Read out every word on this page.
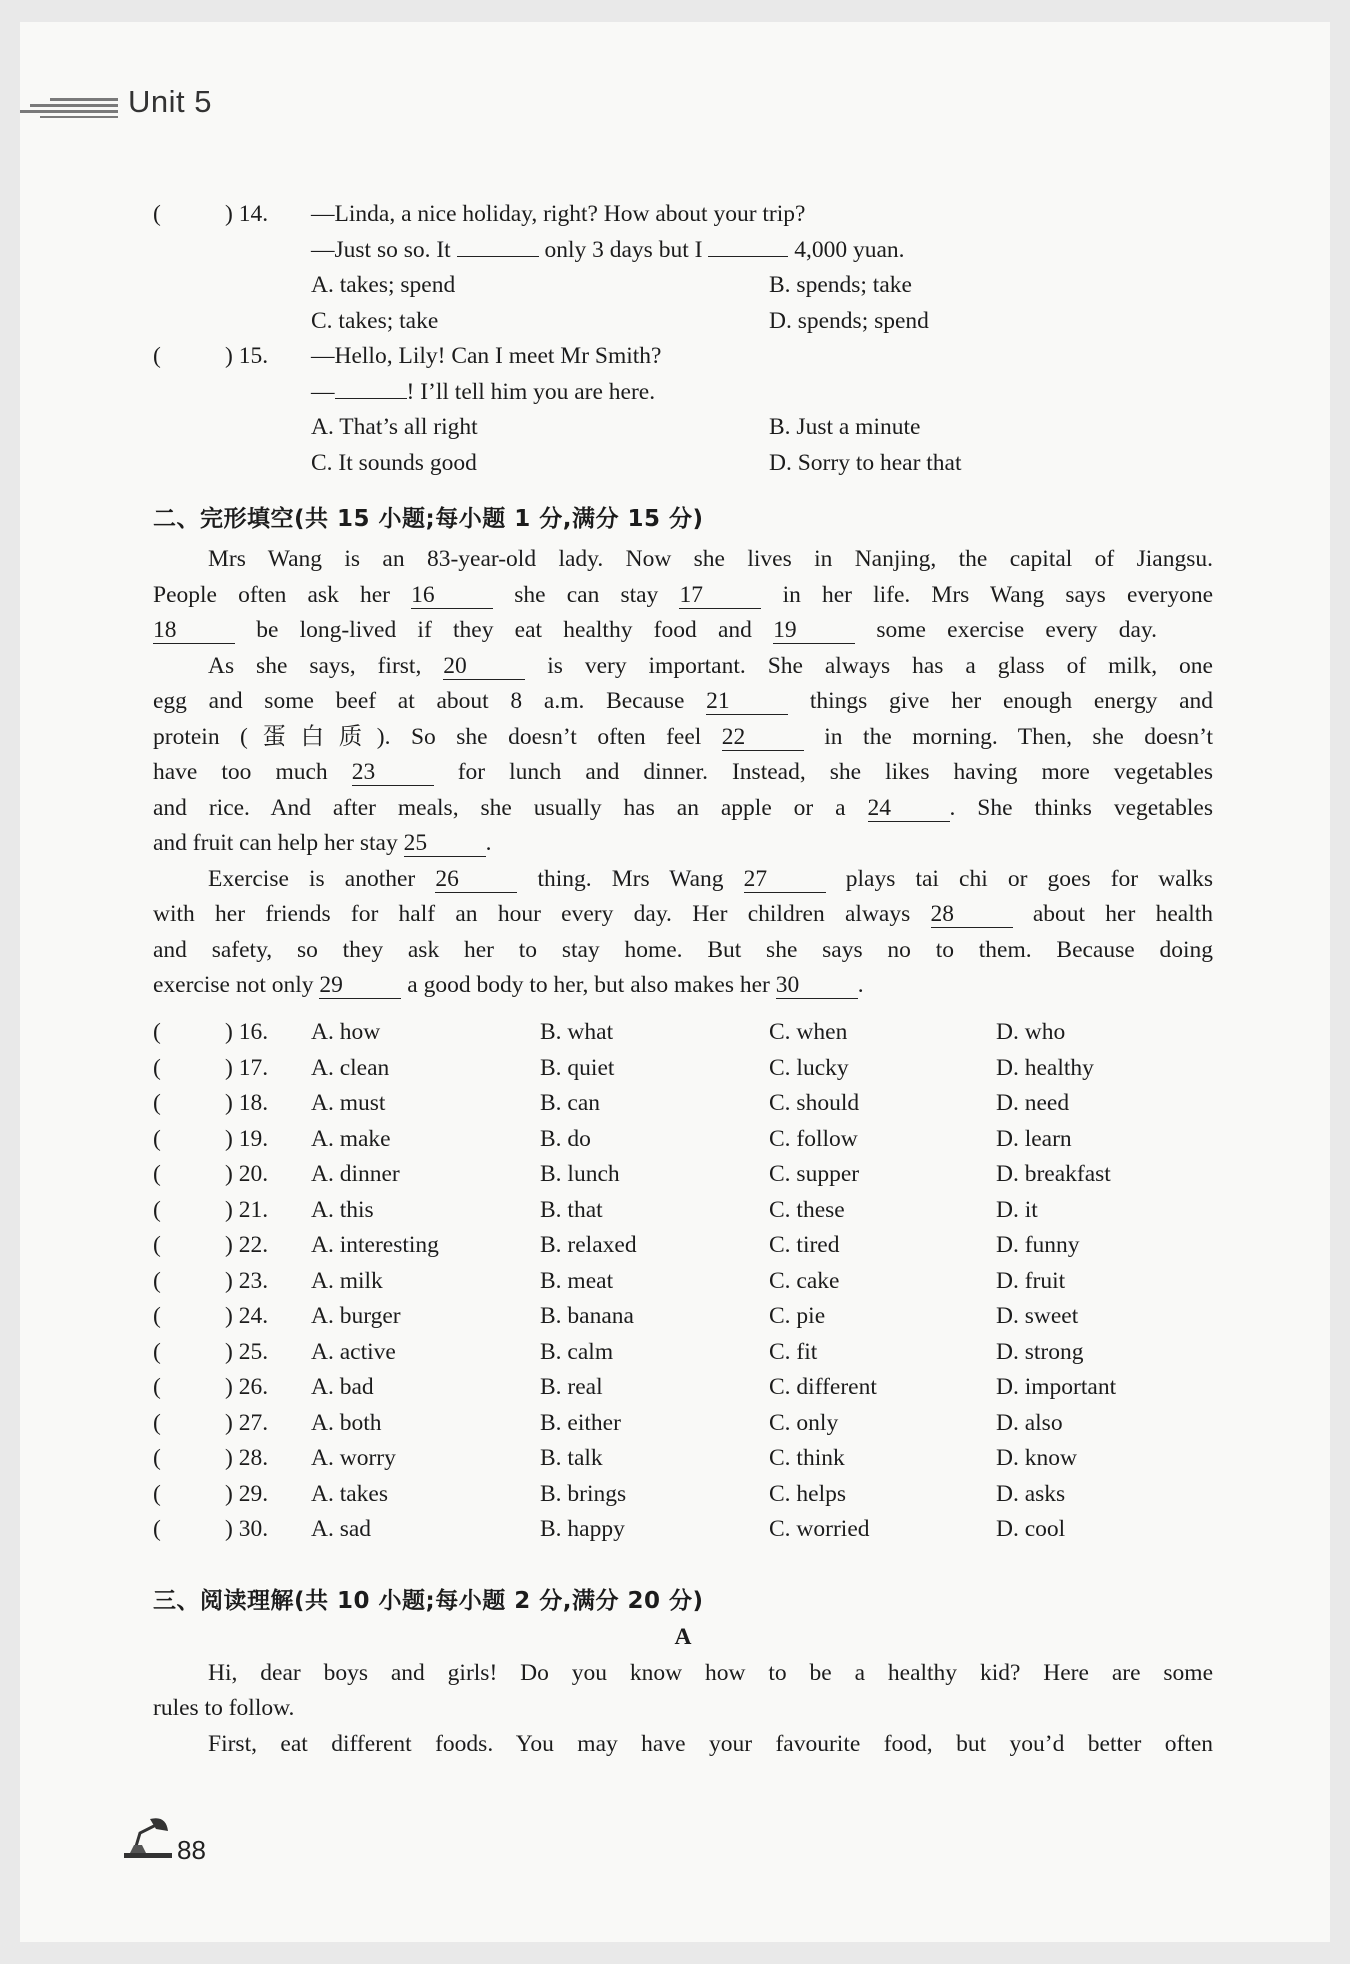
Unit 5
(	) 14. —Linda, a nice holiday, right? How about your trip?
—Just so so. It	only 3 days but I	4,000 yuan.
A. takes; spend	B. spends; take
C. takes; take	D. spends; spend
(	) 15. —Hello, Lily! Can I meet Mr Smith?
—	! I’ll tell him you are here.
A. That’s all right	B. Just a minute
C. It sounds good	D. Sorry to hear that
二、完形填空(共 15 小题;每小题 1 分,满分 15 分)
Mrs Wang is an 83-year-old lady. Now she lives in Nanjing, the capital of Jiangsu.
People often ask her 16	she can stay 17	in her life. Mrs Wang says everyone
18	be long-lived if they eat healthy food and 19	some exercise every day.
As she says, first, 20	is very important. She always has a glass of milk, one
egg and some beef at about 8 a.m. Because 21	things give her enough energy and
protein (蛋白质). So she doesn’t often feel 22	in the morning. Then, she doesn’t
have too much 23	for lunch and dinner. Instead, she likes having more vegetables
and rice. And after meals, she usually has an apple or a 24 . She thinks vegetables
and fruit can help her stay 25 .
Exercise is another 26	thing. Mrs Wang 27	plays tai chi or goes for walks
with her friends for half an hour every day. Her children always 28	about her health
and safety, so they ask her to stay home. But she says no to them. Because doing
exercise not only 29	a good body to her, but also makes her 30 .
(	) 16. A. how	B. what	C. when	D. who
(	) 17. A. clean	B. quiet	C. lucky	D. healthy
(	) 18. A. must	B. can	C. should	D. need
(	) 19. A. make	B. do	C. follow	D. learn
(	) 20. A. dinner	B. lunch	C. supper	D. breakfast
(	) 21. A. this	B. that	C. these	D. it
(	) 22. A. interesting	B. relaxed	C. tired	D. funny
(	) 23. A. milk	B. meat	C. cake	D. fruit
(	) 24. A. burger	B. banana	C. pie	D. sweet
(	) 25. A. active	B. calm	C. fit	D. strong
(	) 26. A. bad	B. real	C. different	D. important
(	) 27. A. both	B. either	C. only	D. also
(	) 28. A. worry	B. talk	C. think	D. know
(	) 29. A. takes	B. brings	C. helps	D. asks
(	) 30. A. sad	B. happy	C. worried	D. cool
三、阅读理解(共 10 小题;每小题 2 分,满分 20 分)
A
Hi, dear boys and girls! Do you know how to be a healthy kid? Here are some
rules to follow.
First, eat different foods. You may have your favourite food, but you’d better often
88
